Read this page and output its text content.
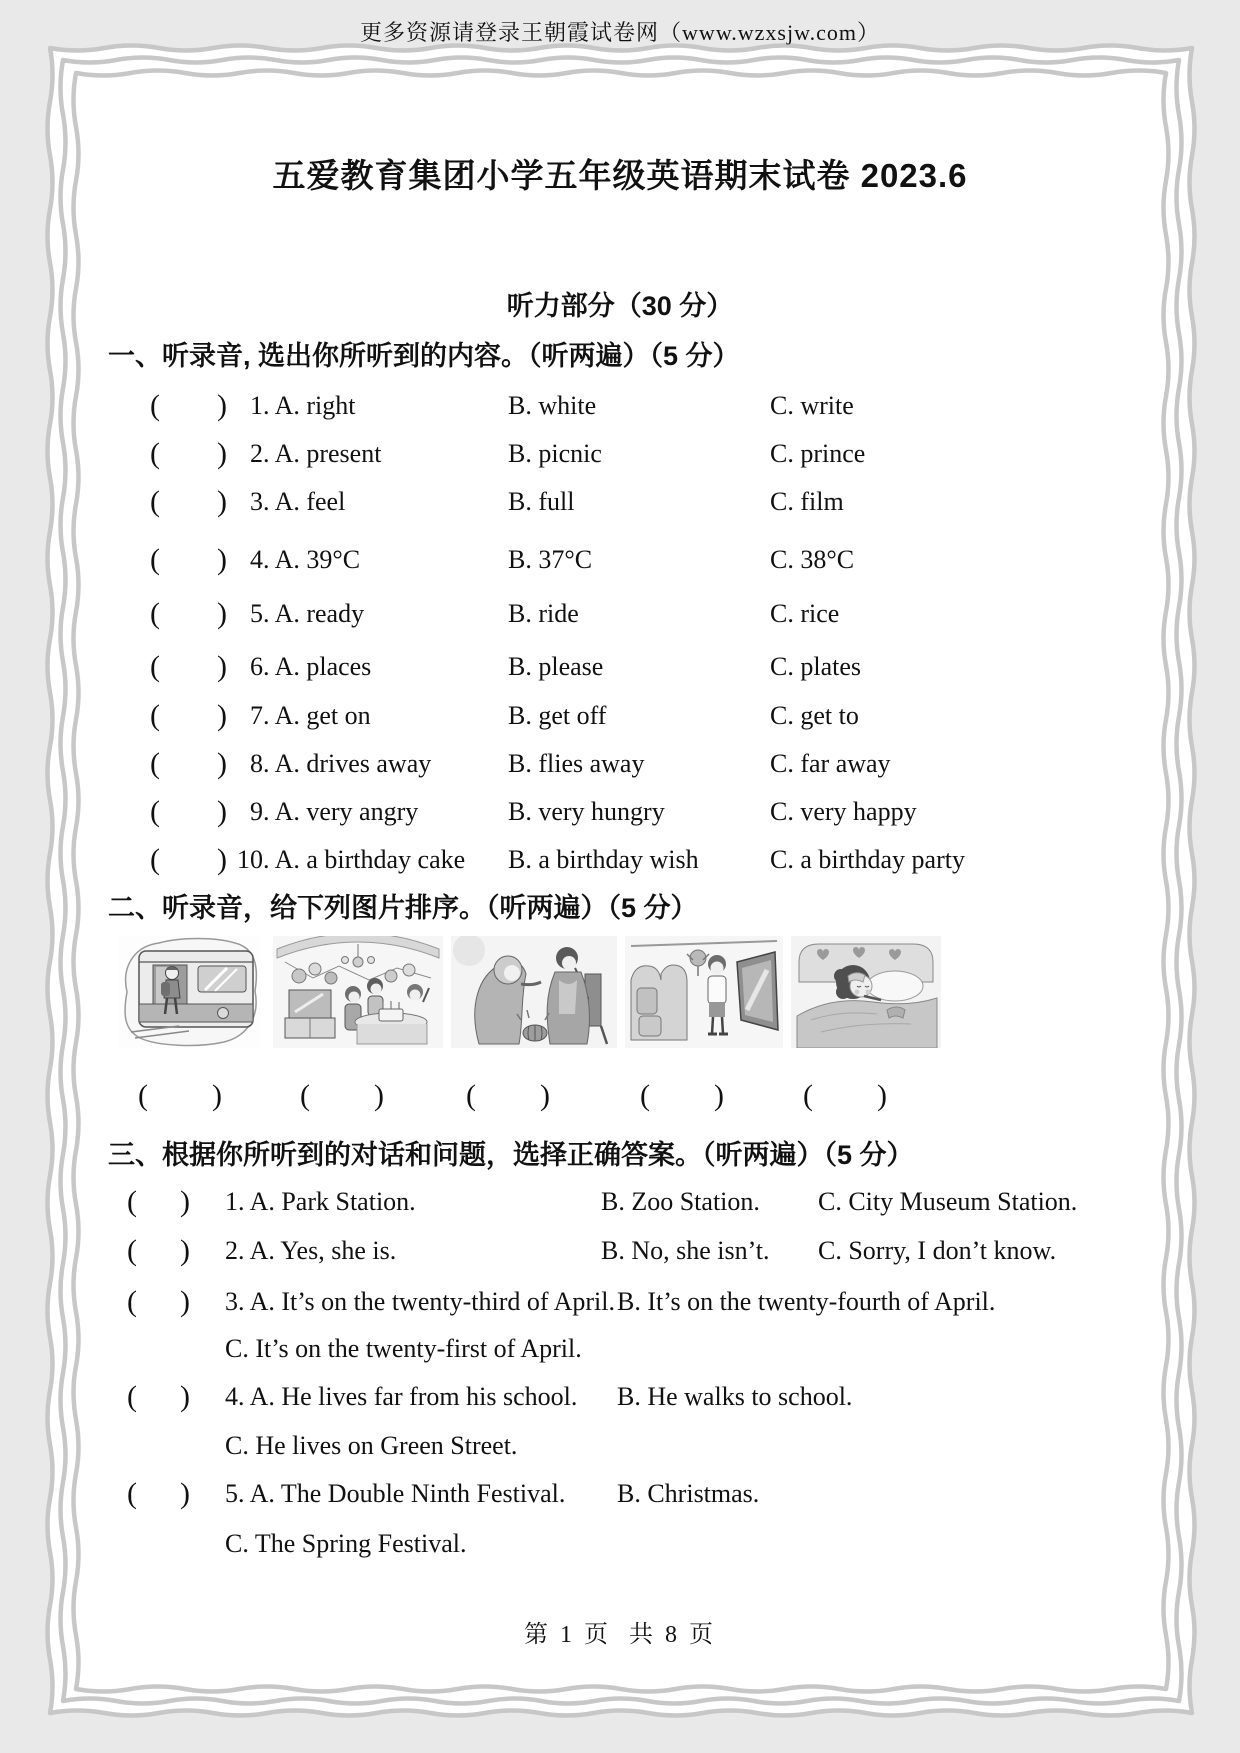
更多资源请登录王朝霞试卷网（www.wzxsjw.com）
五爱教育集团小学五年级英语期末试卷 2023.6
听力部分（30 分）
一、听录音, 选出你所听到的内容。（听两遍）（5 分）
( ) 1. A. right	B. white	C. write
( ) 2. A. present	B. picnic	C. prince
( ) 3. A. feel	B. full	C. film
( ) 4. A. 39°C	B. 37°C	C. 38°C
( ) 5. A. ready	B. ride	C. rice
( ) 6. A. places	B. please	C. plates
( ) 7. A. get on	B. get off	C. get to
( ) 8. A. drives away	B. flies away	C. far away
( ) 9. A. very angry	B. very hungry	C. very happy
( ) 10. A. a birthday cake B. a birthday wish	C. a birthday party
二、听录音，给下列图片排序。（听两遍）（5 分）
( )	( )	( )	( )	( )
三、根据你所听到的对话和问题，选择正确答案。（听两遍）（5 分）
( ) 1. A. Park Station.	B. Zoo Station. C. City Museum Station.
( ) 2. A. Yes, she is.	B. No, she isn’t. C. Sorry, I don’t know.
( ) 3. A. It’s on the twenty-third of April. B. It’s on the twenty-fourth of April.
C. It’s on the twenty-first of April.
( ) 4. A. He lives far from his school. B. He walks to school.
C. He lives on Green Street.
( ) 5. A. The Double Ninth Festival. B. Christmas.
C. The Spring Festival.
第 1 页  共 8 页
